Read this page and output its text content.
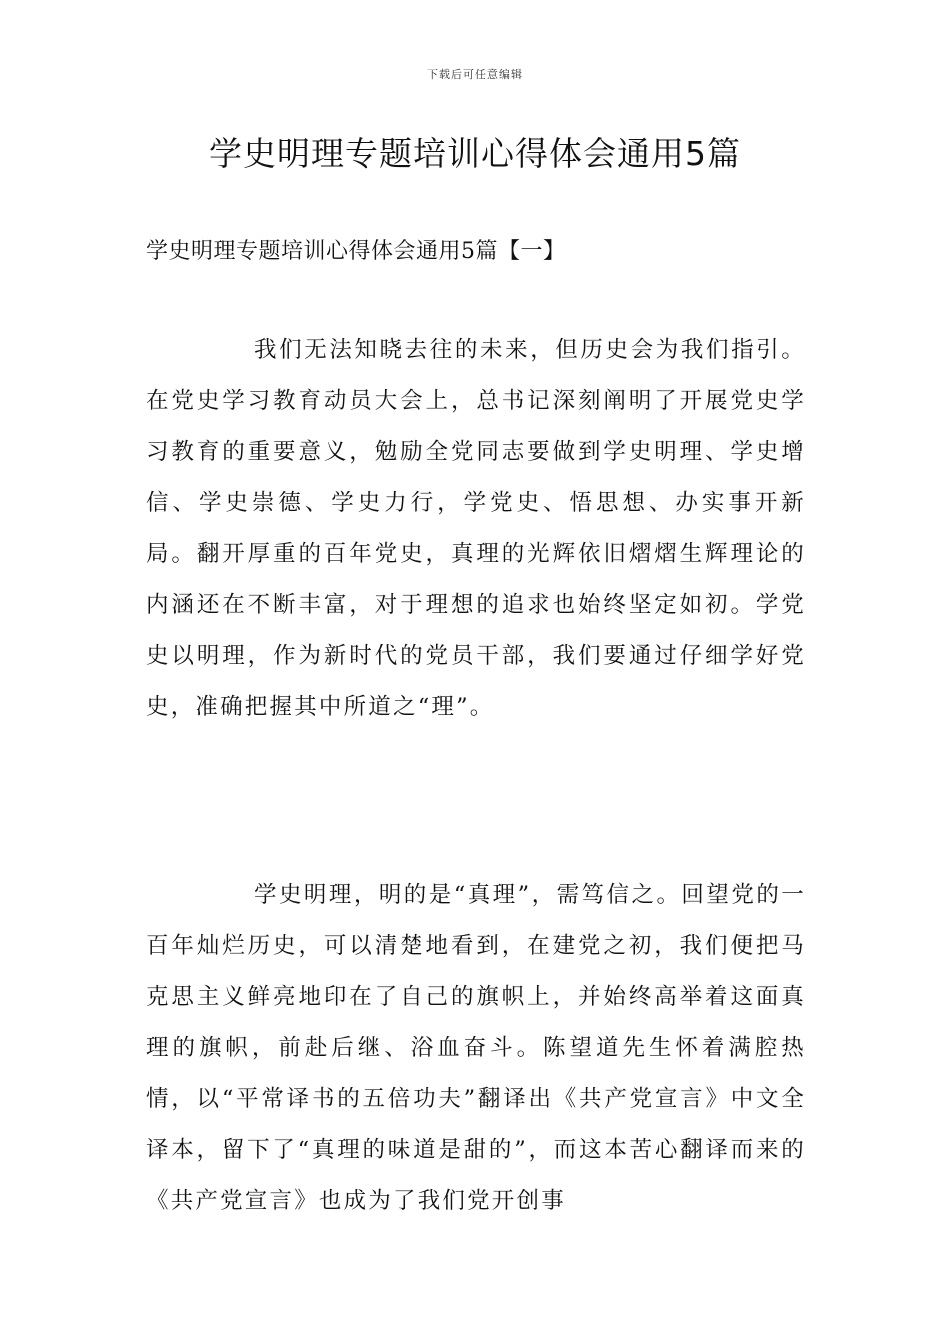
下载后可任意编辑
学史明理专题培训心得体会通用5篇
学史明理专题培训心得体会通用5篇【一】

我们无法知晓去往的未来，但历史会为我们指引。在党史学习教育动员大会上，总书记深刻阐明了开展党史学习教育的重要意义，勉励全党同志要做到学史明理、学史增信、学史崇德、学史力行，学党史、悟思想、办实事开新局。翻开厚重的百年党史，真理的光辉依旧熠熠生辉理论的内涵还在不断丰富，对于理想的追求也始终坚定如初。学党史以明理，作为新时代的党员干部，我们要通过仔细学好党史，准确把握其中所道之“理”。

学史明理，明的是“真理”，需笃信之。回望党的一百年灿烂历史，可以清楚地看到，在建党之初，我们便把马克思主义鲜亮地印在了自己的旗帜上，并始终高举着这面真理的旗帜，前赴后继、浴血奋斗。陈望道先生怀着满腔热情，以“平常译书的五倍功夫”翻译出《共产党宣言》中文全译本，留下了“真理的味道是甜的”，而这本苦心翻译而来的《共产党宣言》也成为了我们党开创事
